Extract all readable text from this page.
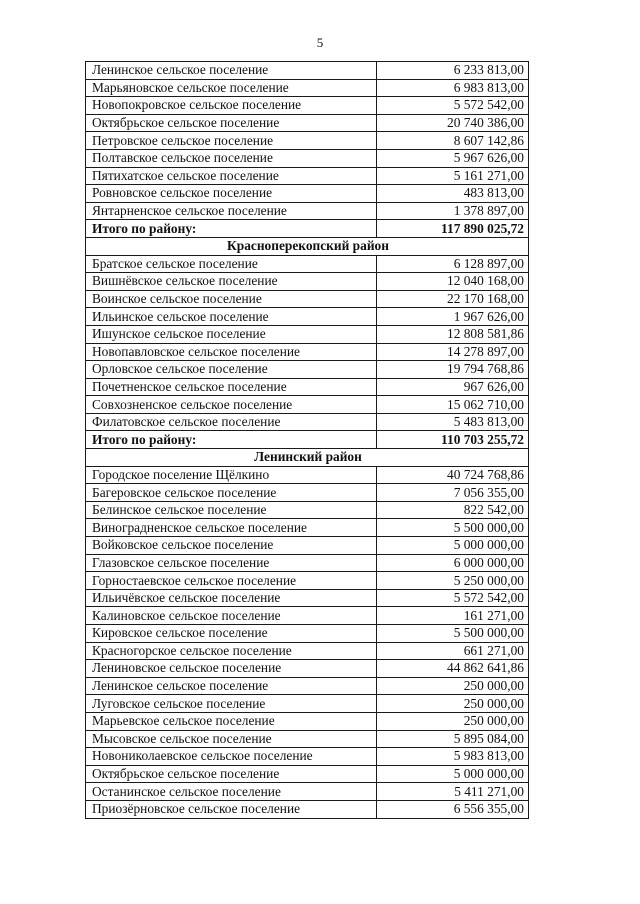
5
Ленинское сельское поселение	6 233 813,00
Марьяновское сельское поселение	6 983 813,00
Новопокровское сельское поселение	5 572 542,00
Октябрьское сельское поселение	20 740 386,00
Петровское сельское поселение	8 607 142,86
Полтавское сельское поселение	5 967 626,00
Пятихатское сельское поселение	5 161 271,00
Ровновское сельское поселение	483 813,00
Янтарненское сельское поселение	1 378 897,00
Итого по району:	117 890 025,72
Красноперекопский район	
Братское сельское поселение	6 128 897,00
Вишнёвское сельское поселение	12 040 168,00
Воинское сельское поселение	22 170 168,00
Ильинское сельское поселение	1 967 626,00
Ишунское сельское поселение	12 808 581,86
Новопавловское сельское поселение	14 278 897,00
Орловское сельское поселение	19 794 768,86
Почетненское сельское поселение	967 626,00
Совхозненское сельское поселение	15 062 710,00
Филатовское сельское поселение	5 483 813,00
Итого по району:	110 703 255,72
Ленинский район	
Городское поселение Щёлкино	40 724 768,86
Багеровское сельское поселение	7 056 355,00
Белинское сельское поселение	822 542,00
Виноградненское сельское поселение	5 500 000,00
Войковское сельское поселение	5 000 000,00
Глазовское сельское поселение	6 000 000,00
Горностаевское сельское поселение	5 250 000,00
Ильичёвское сельское поселение	5 572 542,00
Калиновское сельское поселение	161 271,00
Кировское сельское поселение	5 500 000,00
Красногорское сельское поселение	661 271,00
Лениновское сельское поселение	44 862 641,86
Ленинское сельское поселение	250 000,00
Луговское сельское поселение	250 000,00
Марьевское сельское поселение	250 000,00
Мысовское сельское поселение	5 895 084,00
Новониколаевское сельское поселение	5 983 813,00
Октябрьское сельское поселение	5 000 000,00
Останинское сельское поселение	5 411 271,00
Приозёрновское сельское поселение	6 556 355,00
